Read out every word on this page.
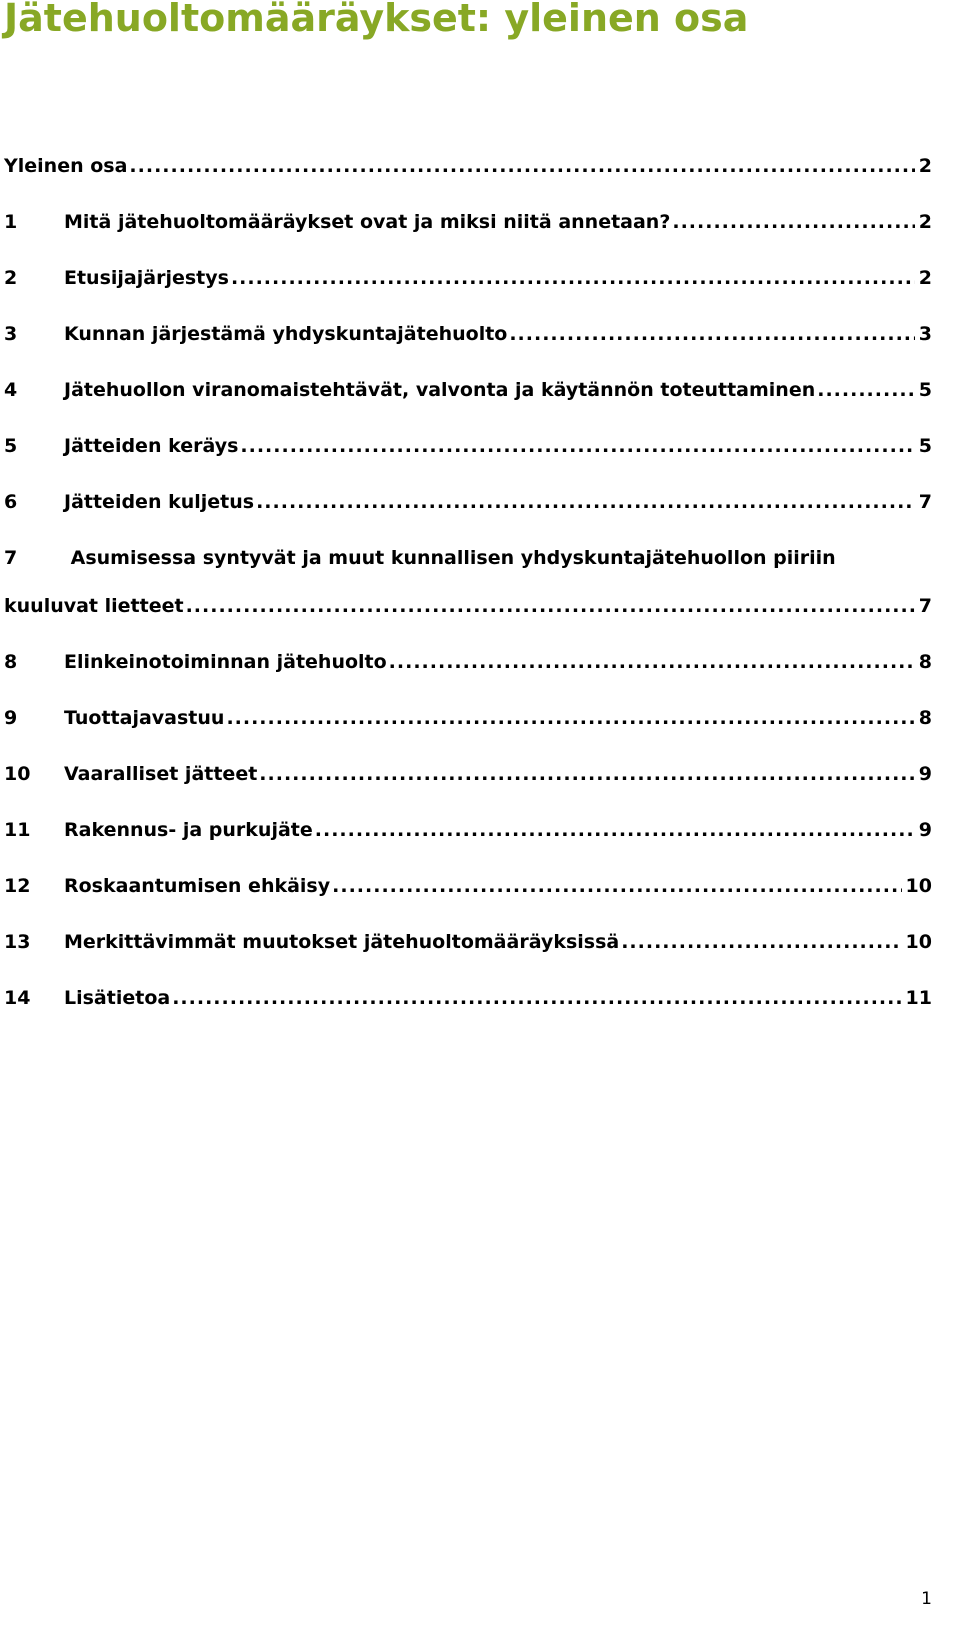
Jätehuoltomääräykset: yleinen osa
Yleinen osa .....	2
1	Mitä jätehuoltomääräykset ovat ja miksi niitä annetaan? .....	2
2	Etusijajärjestys .....	2
3	Kunnan järjestämä yhdyskuntajätehuolto .....	3
4	Jätehuollon viranomaistehtävät, valvonta ja käytännön toteuttaminen .....	5
5	Jätteiden keräys .....	5
6	Jätteiden kuljetus .....	7
7	Asumisessa syntyvät ja muut kunnallisen yhdyskuntajätehuollon piiriin
kuuluvat lietteet .....	7
8	Elinkeinotoiminnan jätehuolto .....	8
9	Tuottajavastuu .....	8
10	Vaaralliset jätteet .....	9
11	Rakennus- ja purkujäte .....	9
12	Roskaantumisen ehkäisy .....	10
13	Merkittävimmät muutokset jätehuoltomääräyksissä .....	10
14	Lisätietoa .....	11
1
